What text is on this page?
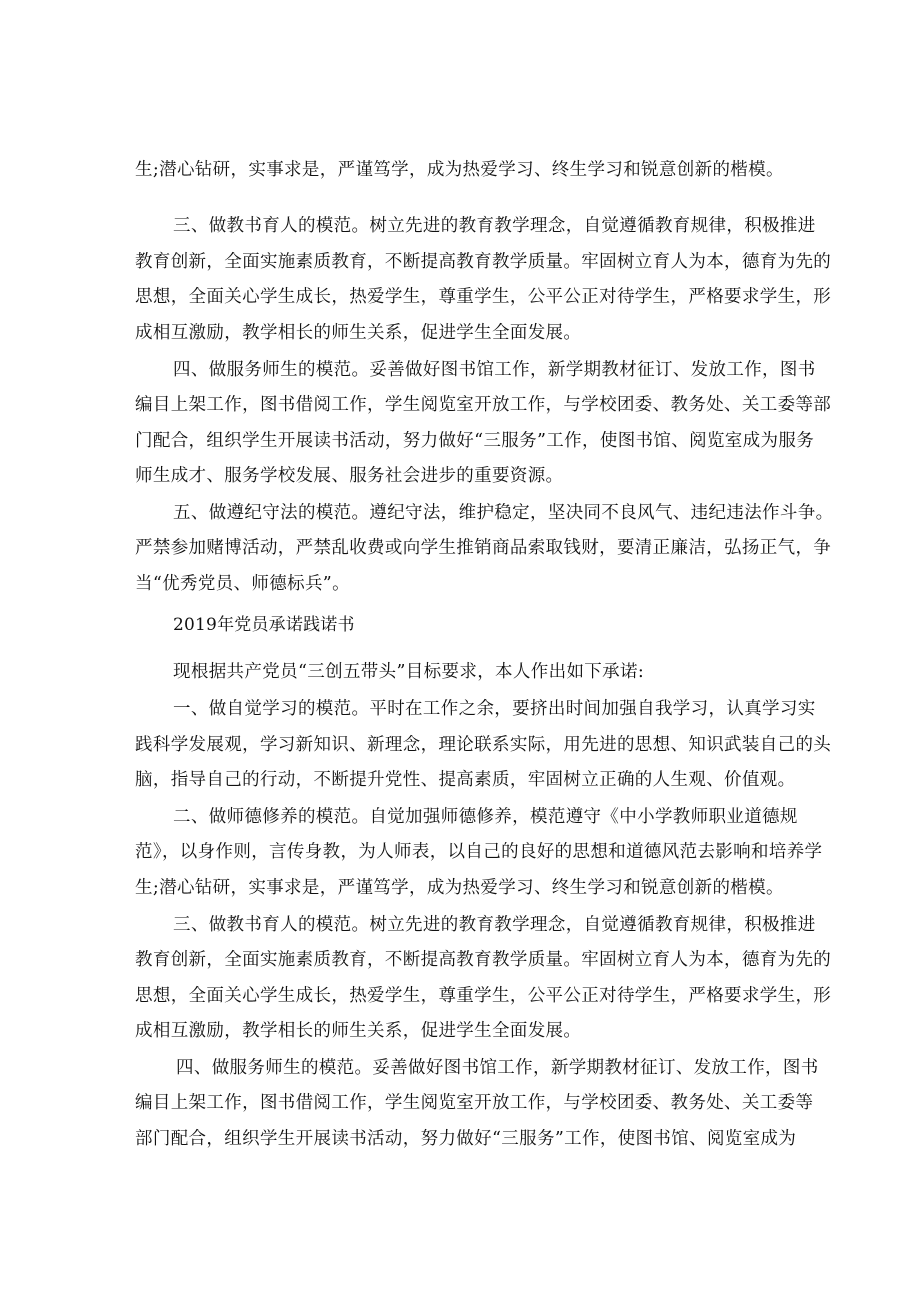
生;潜心钻研，实事求是，严谨笃学，成为热爱学习、终生学习和锐意创新的楷模。

三、做教书育人的模范。树立先进的教育教学理念，自觉遵循教育规律，积极推进

教育创新，全面实施素质教育，不断提高教育教学质量。牢固树立育人为本，德育为先的

思想，全面关心学生成长，热爱学生，尊重学生，公平公正对待学生，严格要求学生，形

成相互激励，教学相长的师生关系，促进学生全面发展。

四、做服务师生的模范。妥善做好图书馆工作，新学期教材征订、发放工作，图书

编目上架工作，图书借阅工作，学生阅览室开放工作，与学校团委、教务处、关工委等部

门配合，组织学生开展读书活动，努力做好“三服务”工作，使图书馆、阅览室成为服务

师生成才、服务学校发展、服务社会进步的重要资源。

五、做遵纪守法的模范。遵纪守法，维护稳定，坚决同不良风气、违纪违法作斗争。

严禁参加赌博活动，严禁乱收费或向学生推销商品索取钱财，要清正廉洁，弘扬正气，争

当“优秀党员、师德标兵”。

2019年党员承诺践诺书

现根据共产党员“三创五带头”目标要求，本人作出如下承诺:

一、做自觉学习的模范。平时在工作之余，要挤出时间加强自我学习，认真学习实

践科学发展观，学习新知识、新理念，理论联系实际，用先进的思想、知识武装自己的头

脑，指导自己的行动，不断提升党性、提高素质，牢固树立正确的人生观、价值观。

二、做师德修养的模范。自觉加强师德修养，模范遵守《中小学教师职业道德规

范》，以身作则，言传身教，为人师表，以自己的良好的思想和道德风范去影响和培养学

生;潜心钻研，实事求是，严谨笃学，成为热爱学习、终生学习和锐意创新的楷模。

三、做教书育人的模范。树立先进的教育教学理念，自觉遵循教育规律，积极推进

教育创新，全面实施素质教育，不断提高教育教学质量。牢固树立育人为本，德育为先的

思想，全面关心学生成长，热爱学生，尊重学生，公平公正对待学生，严格要求学生，形

成相互激励，教学相长的师生关系，促进学生全面发展。

四、做服务师生的模范。妥善做好图书馆工作，新学期教材征订、发放工作，图书

编目上架工作，图书借阅工作，学生阅览室开放工作，与学校团委、教务处、关工委等

部门配合，组织学生开展读书活动，努力做好“三服务”工作，使图书馆、阅览室成为
